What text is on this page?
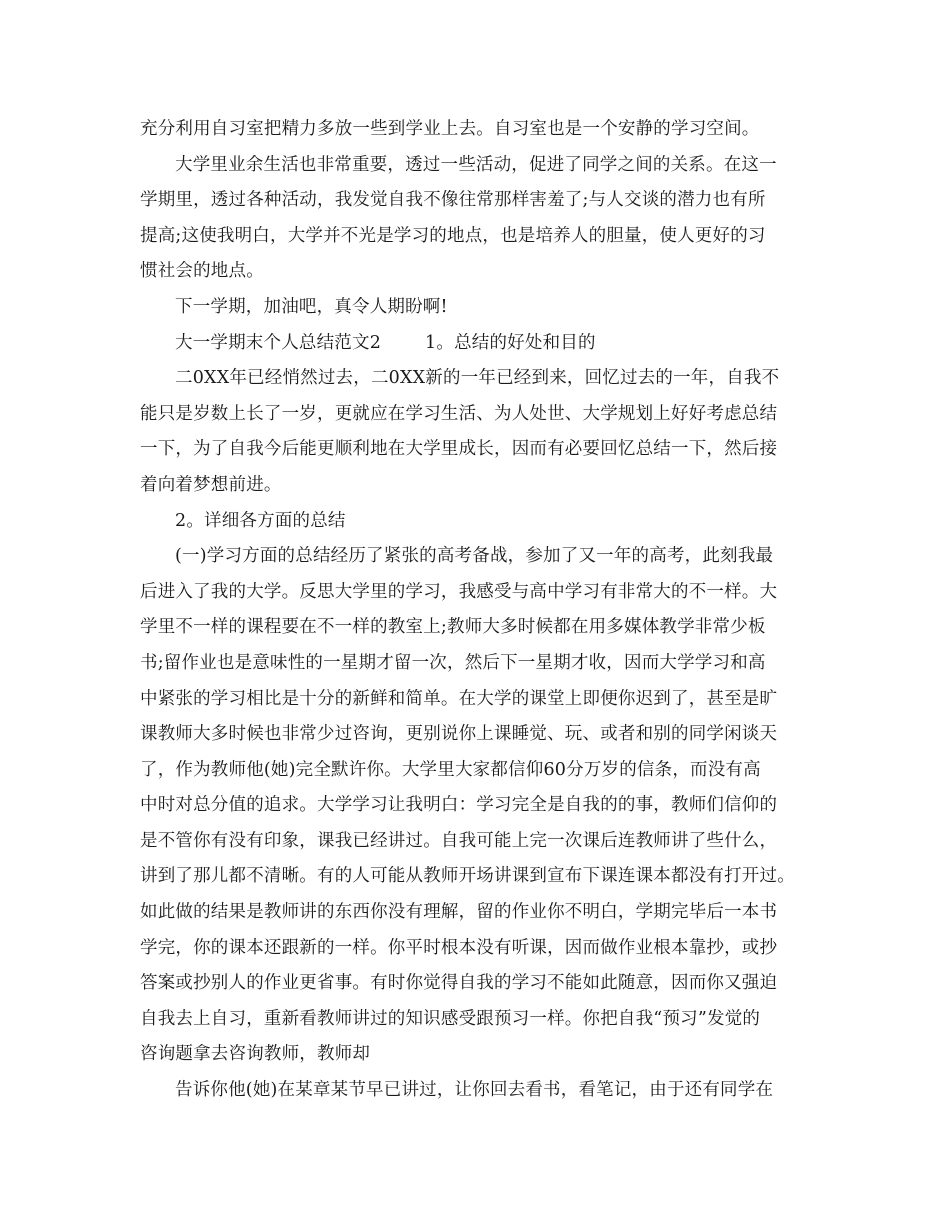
充分利用自习室把精力多放一些到学业上去。自习室也是一个安静的学习空间。
大学里业余生活也非常重要，透过一些活动，促进了同学之间的关系。在这一
学期里，透过各种活动，我发觉自我不像往常那样害羞了;与人交谈的潜力也有所
提高;这使我明白，大学并不光是学习的地点，也是培养人的胆量，使人更好的习
惯社会的地点。
下一学期，加油吧，真令人期盼啊!
大一学期末个人总结范文2	1。总结的好处和目的
二0XX年已经悄然过去，二0XX新的一年已经到来，回忆过去的一年，自我不
能只是岁数上长了一岁，更就应在学习生活、为人处世、大学规划上好好考虑总结
一下，为了自我今后能更顺利地在大学里成长，因而有必要回忆总结一下，然后接
着向着梦想前进。
2。详细各方面的总结
(一)学习方面的总结经历了紧张的高考备战，参加了又一年的高考，此刻我最
后进入了我的大学。反思大学里的学习，我感受与高中学习有非常大的不一样。大
学里不一样的课程要在不一样的教室上;教师大多时候都在用多媒体教学非常少板
书;留作业也是意味性的一星期才留一次，然后下一星期才收，因而大学学习和高
中紧张的学习相比是十分的新鲜和简单。在大学的课堂上即便你迟到了，甚至是旷
课教师大多时候也非常少过咨询，更别说你上课睡觉、玩、或者和别的同学闲谈天
了，作为教师他(她)完全默许你。大学里大家都信仰60分万岁的信条，而没有高
中时对总分值的追求。大学学习让我明白：学习完全是自我的的事，教师们信仰的
是不管你有没有印象，课我已经讲过。自我可能上完一次课后连教师讲了些什么，
讲到了那儿都不清晰。有的人可能从教师开场讲课到宣布下课连课本都没有打开过。
如此做的结果是教师讲的东西你没有理解，留的作业你不明白，学期完毕后一本书
学完，你的课本还跟新的一样。你平时根本没有听课，因而做作业根本靠抄，或抄
答案或抄别人的作业更省事。有时你觉得自我的学习不能如此随意，因而你又强迫
自我去上自习，重新看教师讲过的知识感受跟预习一样。你把自我“预习”发觉的
咨询题拿去咨询教师，教师却
告诉你他(她)在某章某节早已讲过，让你回去看书，看笔记，由于还有同学在
